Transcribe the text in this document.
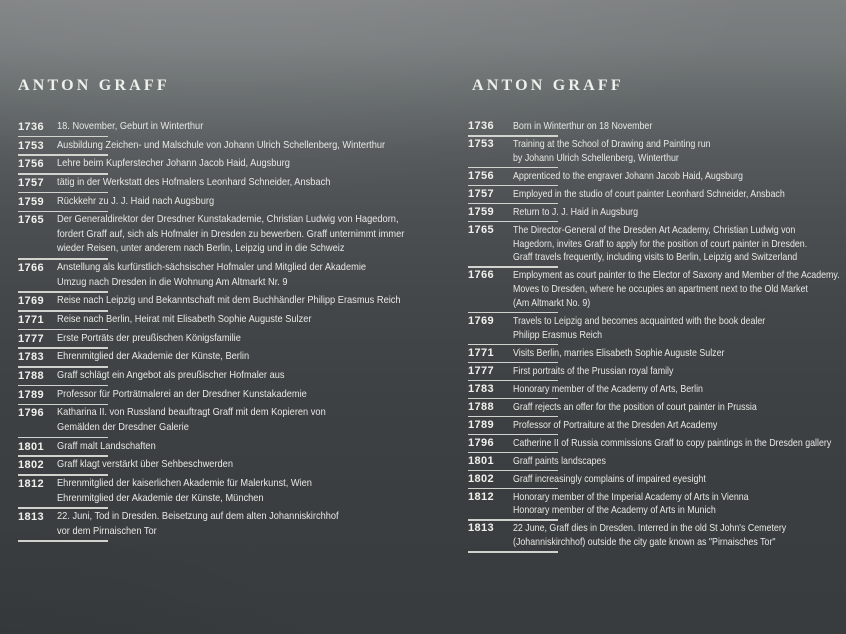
ANTON GRAFF	ANTON GRAFF
1736	18. November, Geburt in Winterthur
1753	Ausbildung Zeichen- und Malschule von Johann Ulrich Schellenberg, Winterthur
1756	Lehre beim Kupferstecher Johann Jacob Haid, Augsburg
1757	tätig in der Werkstatt des Hofmalers Leonhard Schneider, Ansbach
1759	Rückkehr zu J. J. Haid nach Augsburg
1765	Der Generaldirektor der Dresdner Kunstakademie, Christian Ludwig von Hagedorn,
fordert Graff auf, sich als Hofmaler in Dresden zu bewerben. Graff unternimmt immer
wieder Reisen, unter anderem nach Berlin, Leipzig und in die Schweiz
1766	Anstellung als kurfürstlich-sächsischer Hofmaler und Mitglied der Akademie
Umzug nach Dresden in die Wohnung Am Altmarkt Nr. 9
1769	Reise nach Leipzig und Bekanntschaft mit dem Buchhändler Philipp Erasmus Reich
1771	Reise nach Berlin, Heirat mit Elisabeth Sophie Auguste Sulzer
1777	Erste Porträts der preußischen Königsfamilie
1783	Ehrenmitglied der Akademie der Künste, Berlin
1788	Graff schlägt ein Angebot als preußischer Hofmaler aus
1789	Professor für Porträtmalerei an der Dresdner Kunstakademie
1796	Katharina II. von Russland beauftragt Graff mit dem Kopieren von
Gemälden der Dresdner Galerie
1801	Graff malt Landschaften
1802	Graff klagt verstärkt über Sehbeschwerden
1812	Ehrenmitglied der kaiserlichen Akademie für Malerkunst, Wien
Ehrenmitglied der Akademie der Künste, München
1813	22. Juni, Tod in Dresden. Beisetzung auf dem alten Johanniskirchhof
vor dem Pirnaischen Tor
1736	Born in Winterthur on 18 November
1753	Training at the School of Drawing and Painting run
by Johann Ulrich Schellenberg, Winterthur
1756	Apprenticed to the engraver Johann Jacob Haid, Augsburg
1757	Employed in the studio of court painter Leonhard Schneider, Ansbach
1759	Return to J. J. Haid in Augsburg
1765	The Director-General of the Dresden Art Academy, Christian Ludwig von
Hagedorn, invites Graff to apply for the position of court painter in Dresden.
Graff travels frequently, including visits to Berlin, Leipzig and Switzerland
1766	Employment as court painter to the Elector of Saxony and Member of the Academy.
Moves to Dresden, where he occupies an apartment next to the Old Market
(Am Altmarkt No. 9)
1769	Travels to Leipzig and becomes acquainted with the book dealer
Philipp Erasmus Reich
1771	Visits Berlin, marries Elisabeth Sophie Auguste Sulzer
1777	First portraits of the Prussian royal family
1783	Honorary member of the Academy of Arts, Berlin
1788	Graff rejects an offer for the position of court painter in Prussia
1789	Professor of Portraiture at the Dresden Art Academy
1796	Catherine II of Russia commissions Graff to copy paintings in the Dresden gallery
1801	Graff paints landscapes
1802	Graff increasingly complains of impaired eyesight
1812	Honorary member of the Imperial Academy of Arts in Vienna
Honorary member of the Academy of Arts in Munich
1813	22 June, Graff dies in Dresden. Interred in the old St John's Cemetery
(Johanniskirchhof) outside the city gate known as "Pirnaisches Tor"
